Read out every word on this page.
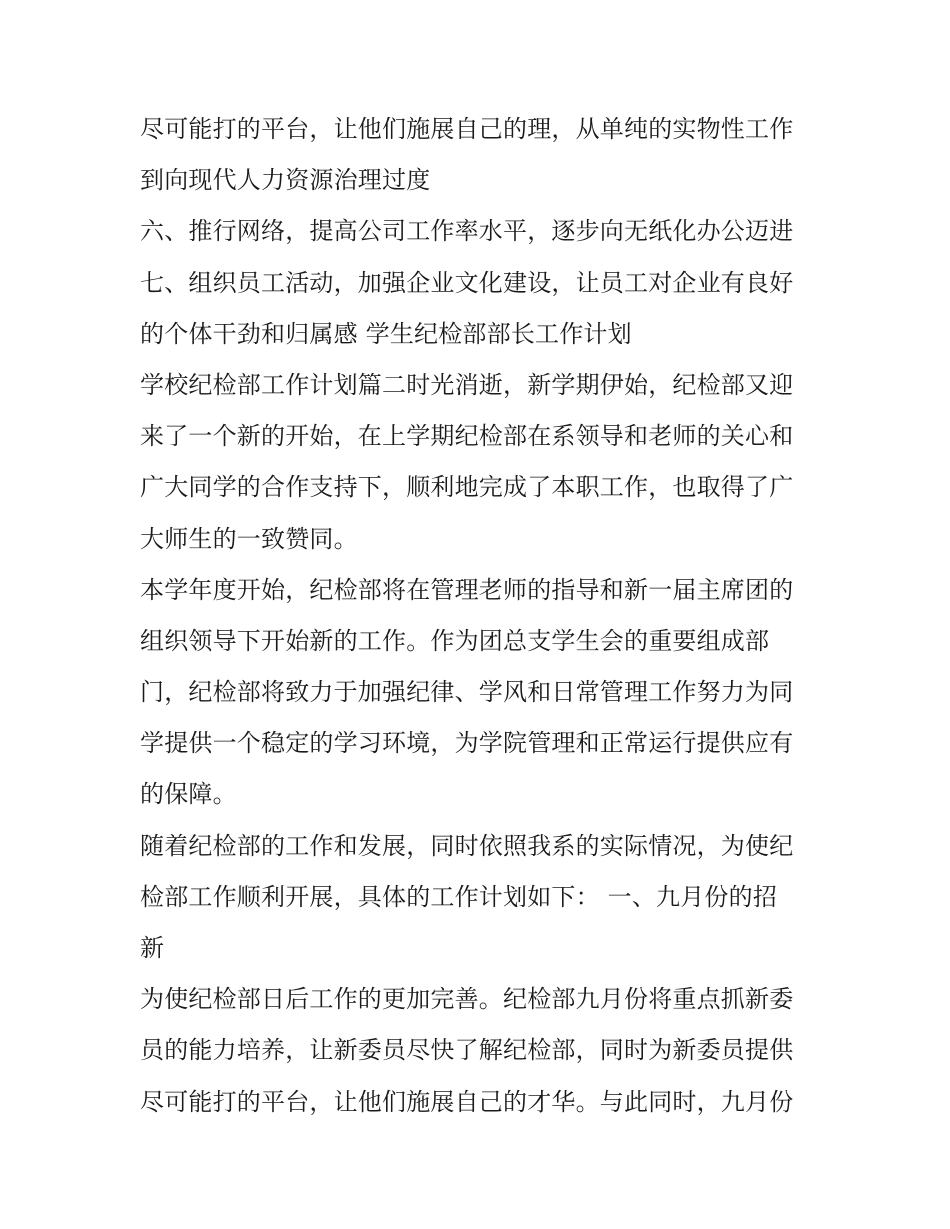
尽可能打的平台，让他们施展自己的理，从单纯的实物性工作
到向现代人力资源治理过度
六、推行网络，提高公司工作率水平，逐步向无纸化办公迈进
七、组织员工活动，加强企业文化建设，让员工对企业有良好
的个体干劲和归属感 学生纪检部部长工作计划
学校纪检部工作计划篇二时光消逝，新学期伊始，纪检部又迎
来了一个新的开始，在上学期纪检部在系领导和老师的关心和
广大同学的合作支持下，顺利地完成了本职工作，也取得了广
大师生的一致赞同。
本学年度开始，纪检部将在管理老师的指导和新一届主席团的
组织领导下开始新的工作。作为团总支学生会的重要组成部
门，纪检部将致力于加强纪律、学风和日常管理工作努力为同
学提供一个稳定的学习环境，为学院管理和正常运行提供应有
的保障。
随着纪检部的工作和发展，同时依照我系的实际情况，为使纪
检部工作顺利开展，具体的工作计划如下： 一、九月份的招
新
为使纪检部日后工作的更加完善。纪检部九月份将重点抓新委
员的能力培养，让新委员尽快了解纪检部，同时为新委员提供
尽可能打的平台，让他们施展自己的才华。与此同时，九月份
